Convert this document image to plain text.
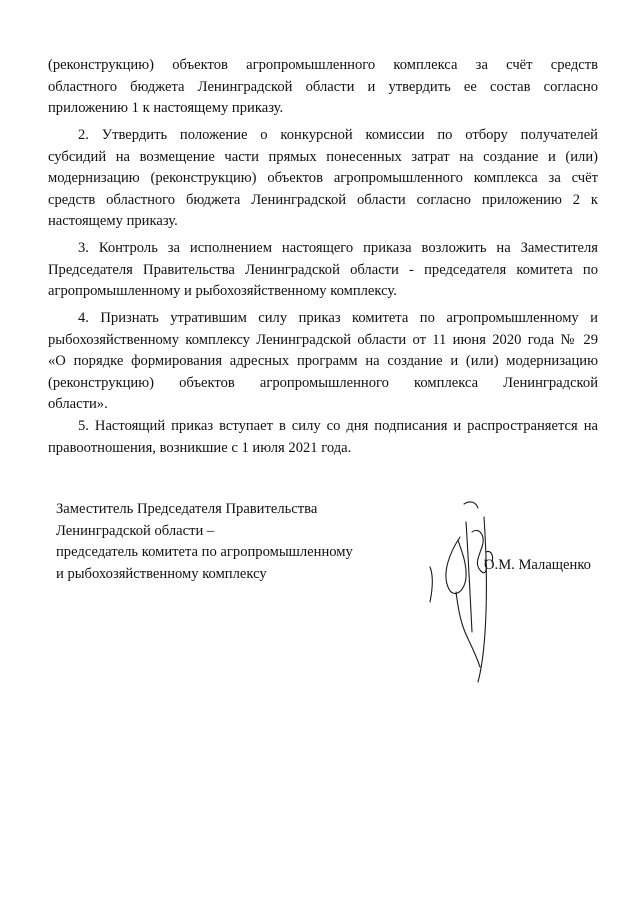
(реконструкцию) объектов агропромышленного комплекса за счёт средств
областного бюджета Ленинградской области и утвердить ее состав согласно
приложению 1 к настоящему приказу.
2. Утвердить положение о конкурсной комиссии по отбору получателей
субсидий на возмещение части прямых понесенных затрат на создание и (или)
модернизацию (реконструкцию) объектов агропромышленного комплекса за счёт
средств областного бюджета Ленинградской области согласно приложению 2 к
настоящему приказу.
3. Контроль за исполнением настоящего приказа возложить на Заместителя
Председателя Правительства Ленинградской области - председателя комитета по
агропромышленному и рыбохозяйственному комплексу.
4. Признать утратившим силу приказ комитета по агропромышленному и
рыбохозяйственному комплексу Ленинградской области от 11 июня 2020 года № 29
«О порядке формирования адресных программ на создание и (или) модернизацию
(реконструкцию) объектов агропромышленного комплекса Ленинградской
области».
5. Настоящий приказ вступает в силу со дня подписания и распространяется на
правоотношения, возникшие с 1 июля 2021 года.
Заместитель Председателя Правительства
Ленинградской области –
председатель комитета по агропромышленному
и рыбохозяйственному комплексу
О.М. Малащенко
